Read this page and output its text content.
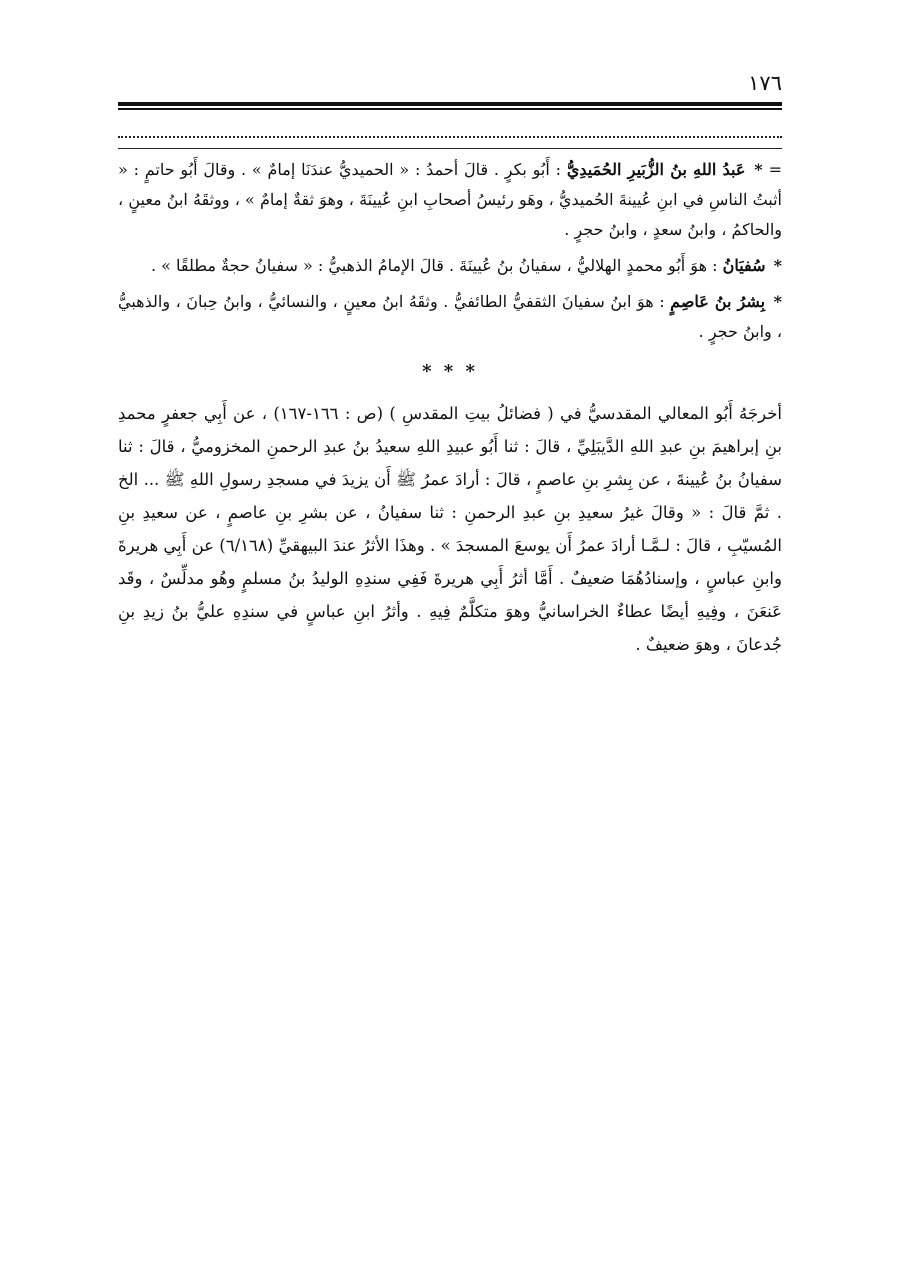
١٧٦

=* عَبدُ اللهِ بنُ الزُّبَيرِ الحُمَيدِيُّ : أَبُو بكرٍ . قالَ أحمدُ : « الحميديُّ عندَنَا إمامٌ » . وقالَ أَبُو حاتمٍ : « أثبتُ الناسِ في ابنِ عُيينةَ الحُميديُّ ، وهَو رئيسُ أصحابِ ابنِ عُيينَةَ ، وهوَ ثقةٌ إمامٌ » ، ووثقَهُ ابنُ معينٍ ، والحاكمُ ، وابنُ سعدٍ ، وابنُ حجرٍ .

* سُفيَانُ : هوَ أَبُو محمدٍ الهلاليُّ ، سفيانُ بنُ عُيينَةَ . قالَ الإمامُ الذهبيُّ : « سفيانُ حجةٌ مطلقًا » .

* بِشرُ بنُ عَاصِمٍ : هوَ ابنُ سفيانَ الثقفيُّ الطائفيُّ . وثقَهُ ابنُ معينٍ ، والنسائيُّ ، وابنُ حِبانَ ، والذهبيُّ ، وابنُ حجرٍ .

* * *

أخرجَهُ أَبُو المعالي المقدسيُّ في ( فضائلُ بيتِ المقدسِ ) (ص : ١٦٦-١٦٧) ، عن أَبِي جعفرٍ محمدِ بنِ إبراهيمَ بنِ عبدِ اللهِ الدَّيبَلِيِّ ، قالَ : ثنا أَبُو عبيدِ اللهِ سعيدُ بنُ عبدِ الرحمنِ المخزوميُّ ، قالَ : ثنا سفيانُ بنُ عُيينةَ ، عن بِشرِ بنِ عاصمٍ ، قالَ : أرادَ عمرُ ﷺ أَن يزيدَ في مسجدِ رسولِ اللهِ ﷺ ... الخ . ثمَّ قالَ : « وقالَ غيرُ سعيدِ بنِ عبدِ الرحمنِ : ثنا سفيانُ ، عن بشرِ بنِ عاصمٍ ، عن سعيدِ بنِ المُسيّبِ ، قالَ : لـمَّـا أرادَ عمرُ أَن يوسعَ المسجدَ » . وهذَا الأثرُ عندَ البيهقيِّ (٦/١٦٨) عن أَبِي هريرةَ وابنِ عباسٍ ، وإسنادُهُمَا ضعيفٌ . أَمَّا أثرُ أَبِي هريرةَ فَفِي سندِهِ الوليدُ بنُ مسلمٍ وهُو مدلِّسٌ ، وقَد عَنعَنَ ، وفِيهِ أيضًا عطاءٌ الخراسانيُّ وهوَ متكلَّمٌ فِيهِ . وأثرُ ابنِ عباسٍ في سندِهِ عليُّ بنُ زيدِ بنِ جُدعانَ ، وهوَ ضعيفٌ .
